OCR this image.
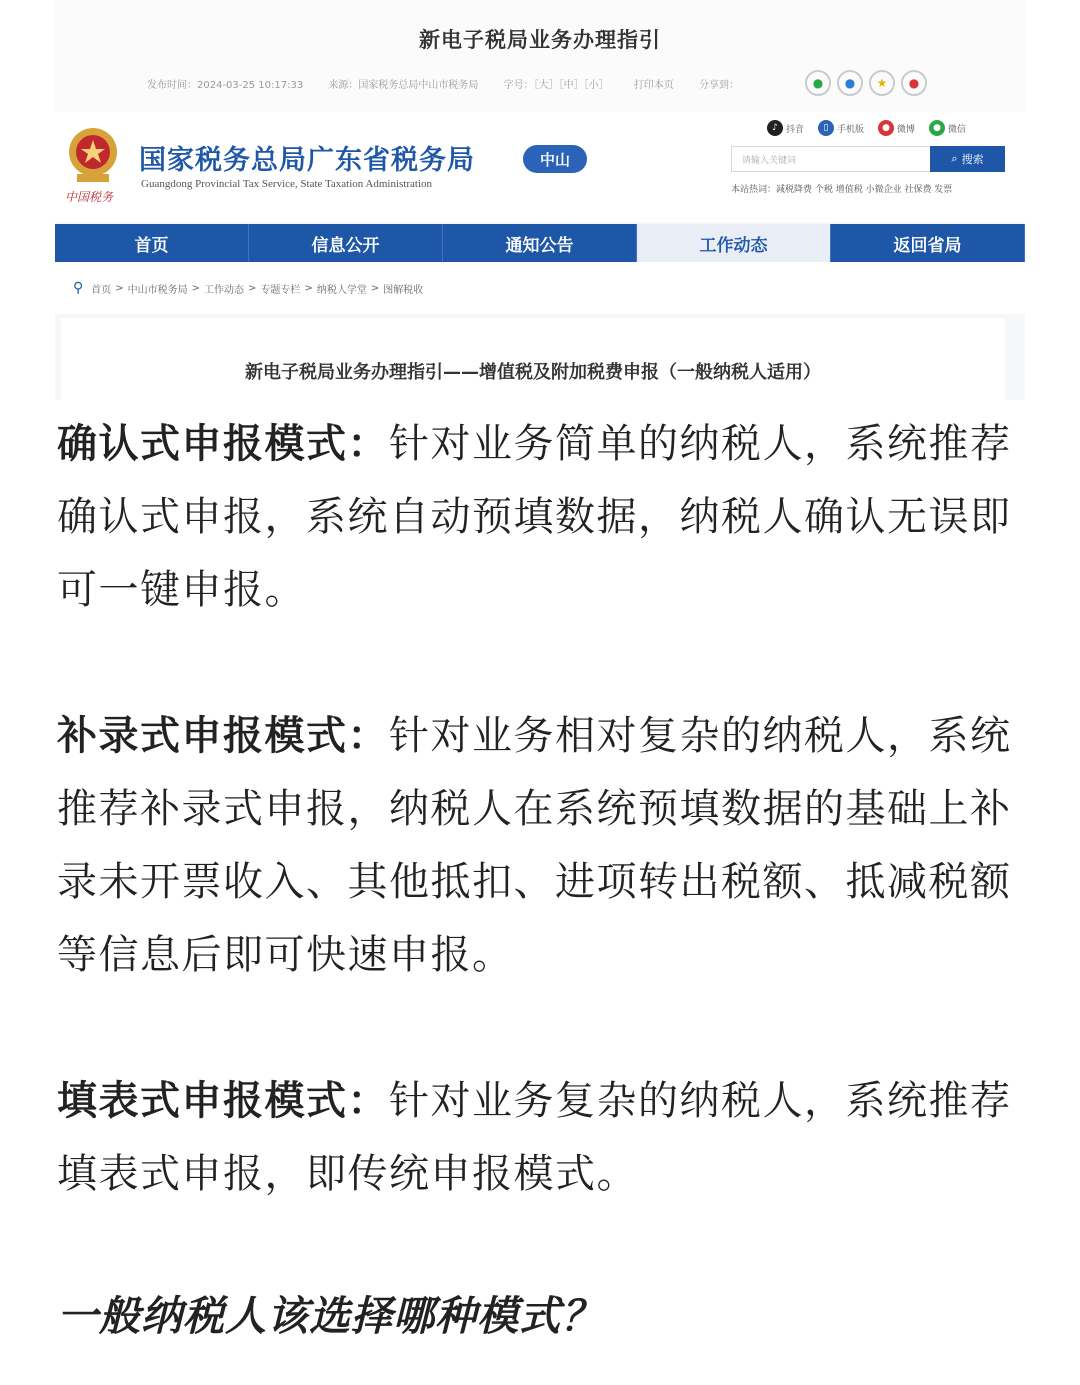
新电子税局业务办理指引
发布时间：2024-03-25 10:17:33	来源：国家税务总局中山市税务局	字号：［大］［中］［小］	打印本页	分享到：	●	●	★	●
中国税务
国家税务总局广东省税务局
Guangdong Provincial Tax Service, State Taxation Administration
中山
♪ 抖音	▯ 手机版	● 微博	● 微信
请输入关键词	⌕ 搜索
本站热词：减税降费 个税 增值税 小微企业 社保费 发票
首页	信息公开	通知公告	工作动态	返回省局
⚲ 首页 > 中山市税务局 > 工作动态 > 专题专栏 > 纳税人学堂 > 图解税收
新电子税局业务办理指引——增值税及附加税费申报（一般纳税人适用）

确认式申报模式：针对业务简单的纳税人，系统推荐确认式申报，系统自动预填数据，纳税人确认无误即可一键申报。

补录式申报模式：针对业务相对复杂的纳税人，系统推荐补录式申报，纳税人在系统预填数据的基础上补录未开票收入、其他抵扣、进项转出税额、抵减税额等信息后即可快速申报。

填表式申报模式：针对业务复杂的纳税人，系统推荐填表式申报，即传统申报模式。

一般纳税人该选择哪种模式？
